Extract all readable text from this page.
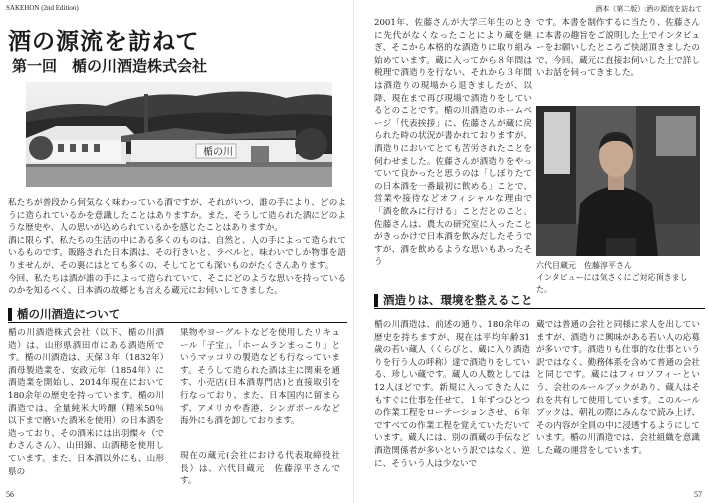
SAKEHON (2nd Edition)
酒の源流を訪ねて
第一回　楯の川酒造株式会社
楯の川

私たちが普段から何気なく味わっている酒ですが、それがいつ、誰の手により、どのように造られているかを意識したことはありますか。また、そうして造られた酒にどのような歴史や、人の思いが込められているかを感じたことはありますか。

酒に限らず、私たちの生活の中にある多くのものは、自然と、人の手によって造られているものです。販路された日本酒は、その行きいと、ラベルと、味わいでしか物事を語りませんが、その裏にはとても多くの、そしてとても深いものがたくさんあります。

今回、私たちは酒が誰の手によって造られていて、そこにどのような思いを持っているのかを知るべく、日本酒の故郷とも言える蔵元にお伺いしてきました。

楯の川酒造について
楯の川酒造株式会社（以下、楯の川酒造）は、山形県酒田市にある酒造所です。楯の川酒造は、天保３年（1832年）酒母製造業を、安政元年（1854年）に酒造業を開始し、2014年現在において180余年の歴史を持っています。楯の川酒造では、全量純米大吟醸（精米50％以下まで磨いた酒米を使用）の日本酒を造っており、その酒米には出羽燦々（でわさんさん）、山田錦、山酒穂を使用しています。また、日本酒以外にも、山形県の
果物やヨーグルトなどを使用したリキュール「子宝」、「ホームランまっこり」というマッコリの製造なども行なっています。そうして造られた酒は主に関東を通す、小売店(日本酒専門店)と直接取引を行なっており、また、日本国内に留まらず、アメリカや香港、シンガポールなど海外にも酒を卸しております。
現在の蔵元(会社における代表取締役社長）は、六代目蔵元　佐藤淳平さんです。
56
酒本（第二版）:酒の源流を訪ねて
2001年、佐藤さんが大学三年生のときに先代がなくなったことにより蔵を継ぎ、そこから本格的な酒造りに取り組み始めています。蔵に入ってから８年間は税理で酒造りを行ない、それから３年間は酒造りの現場から退きましたが、以降、現在まで再び現場で酒造りをしているとのことです。楯の川酒造のホームページ「代表挨拶」に、佐藤さんが蔵に戻られた時の状況が書かれておりますが、酒造りにおいてとても苦労されたことを伺わせました。佐藤さんが酒造りをやっていて良かったと思うのは「しぼりたての日本酒を一番最初に飲める」ことで、営業や接待などオフィシャルな理由で「酒を飲みに行ける」ことだとのこと。佐藤さんは、農大の研究室に入ったことがきっかけで日本酒を飲みだしたそうですが、酒を飲めるような思いもあったそう
です。本書を制作するに当たり、佐藤さんに本書の趣旨をご説明した上でインタビューをお願いしたところご快諾頂きましたので、今回、蔵元に直接お伺いした上で詳しいお話を伺ってきました。
六代目蔵元　佐藤淳平さん
インタビューには気さくにご対応頂きました。
酒造りは、環境を整えること
楯の川酒造は、前述の通り、180余年の歴史を持ちますが、現在は平均年齢31歳の若い蔵人（くらびと、蔵に入り酒造りを行う人の呼称）達で酒造りをしている、珍しい蔵です。蔵人の人数としては12人ほどです。新規に入ってきた人にもすぐに仕事を任せて、１年ずつひとつの作業工程をローテーションさせ、６年ですべての作業工程を覚えていただいています。蔵人には、別の酒蔵の手伝など酒造関係者が多いという訳ではなく、逆に、そういう人は少ないで
蔵では普通の会社と同様に求人を出していますが、酒造りに興味がある若い人の応募が多いです。酒造りも仕事的な仕事という訳ではなく、勤務体系を含めて普通の会社と同じです。蔵にはフィロソフィーという、会社のルールブックがあり、蔵人はそれを共有して使用しています。このルールブックは、朝礼の際にみんなで読み上げ、その内容が全員の中に浸透するようにしています。楯の川酒造では、会社組織を意識した蔵の運営をしています。
57
